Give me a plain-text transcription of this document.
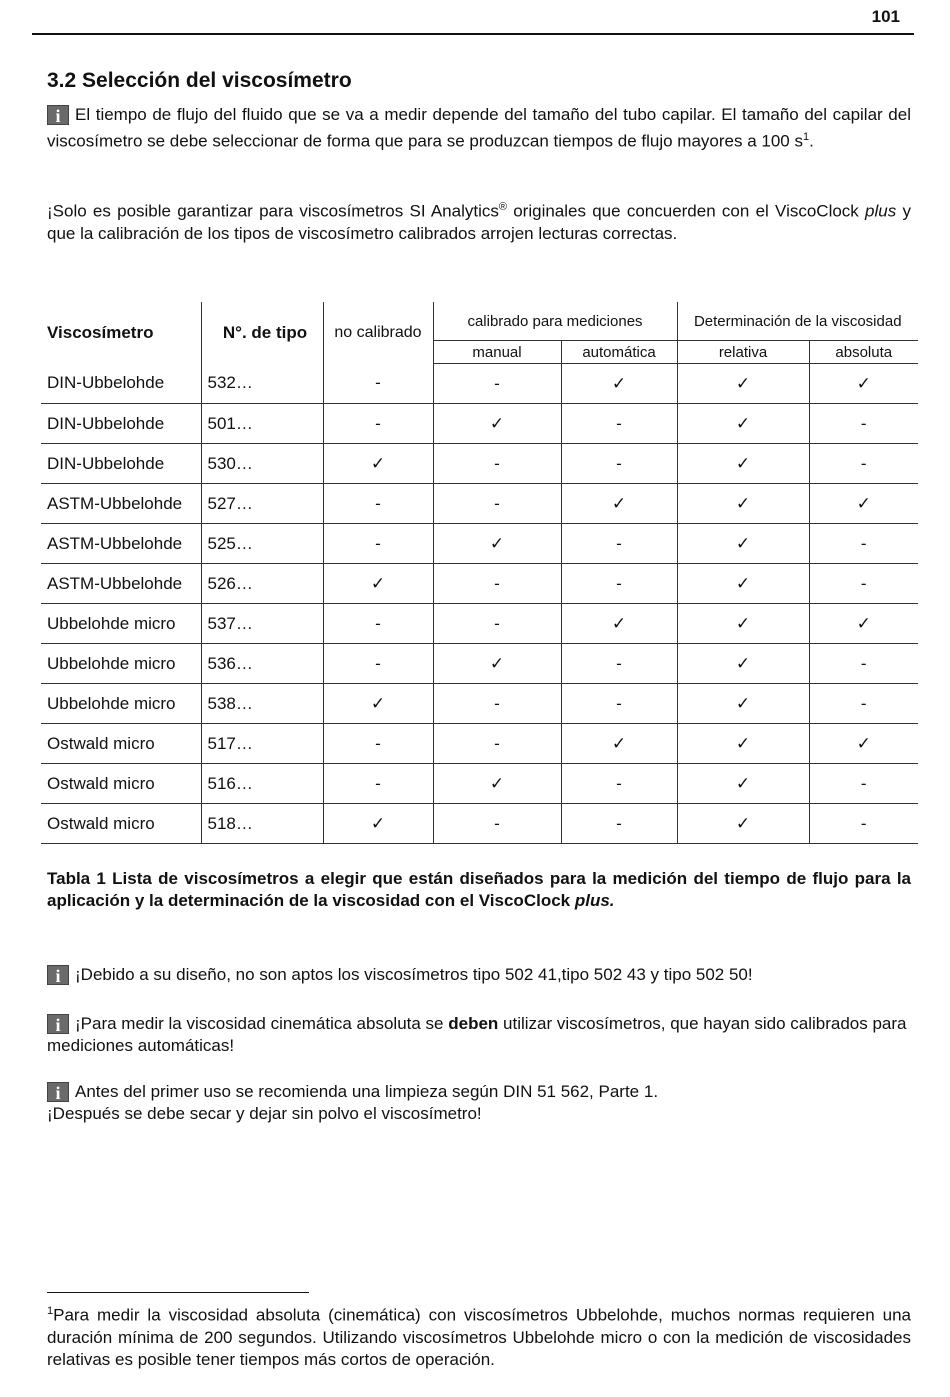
101
3.2 Selección del viscosímetro

i El tiempo de flujo del fluido que se va a medir depende del tamaño del tubo capilar. El tamaño del capilar del viscosímetro se debe seleccionar de forma que para se produzcan tiempos de flujo mayores a 100 $s^1$.

¡Solo es posible garantizar para viscosímetros SI Analytics® originales que concuerden con el ViscoClock plus y que la calibración de los tipos de viscosímetro calibrados arrojen lecturas correctas.

Viscosímetro	N°. de tipo	no calibrado	calibrado para mediciones		Determinación de la viscosidad	
			manual	automática	relativa	absoluta
DIN-Ubbelohde	532…	-	-	✓	✓	✓
DIN-Ubbelohde	501…	-	✓	-	✓	-
DIN-Ubbelohde	530…	✓	-	-	✓	-
ASTM-Ubbelohde	527…	-	-	✓	✓	✓
ASTM-Ubbelohde	525…	-	✓	-	✓	-
ASTM-Ubbelohde	526…	✓	-	-	✓	-
Ubbelohde micro	537…	-	-	✓	✓	✓
Ubbelohde micro	536…	-	✓	-	✓	-
Ubbelohde micro	538…	✓	-	-	✓	-
Ostwald micro	517…	-	-	✓	✓	✓
Ostwald micro	516…	-	✓	-	✓	-
Ostwald micro	518…	✓	-	-	✓	-

Tabla 1 Lista de viscosímetros a elegir que están diseñados para la medición del tiempo de flujo para la aplicación y la determinación de la viscosidad con el ViscoClock plus.

i ¡Debido a su diseño, no son aptos los viscosímetros tipo 502 41,tipo 502 43 y tipo 502 50!

i ¡Para medir la viscosidad cinemática absoluta se deben utilizar viscosímetros, que hayan sido calibrados para mediciones automáticas!

i Antes del primer uso se recomienda una limpieza según DIN 51 562, Parte 1.
¡Después se debe secar y dejar sin polvo el viscosímetro!

$^1$Para medir la viscosidad absoluta (cinemática) con viscosímetros Ubbelohde, muchos normas requieren una duración mínima de 200 segundos. Utilizando viscosímetros Ubbelohde micro o con la medición de viscosidades relativas es posible tener tiempos más cortos de operación.
